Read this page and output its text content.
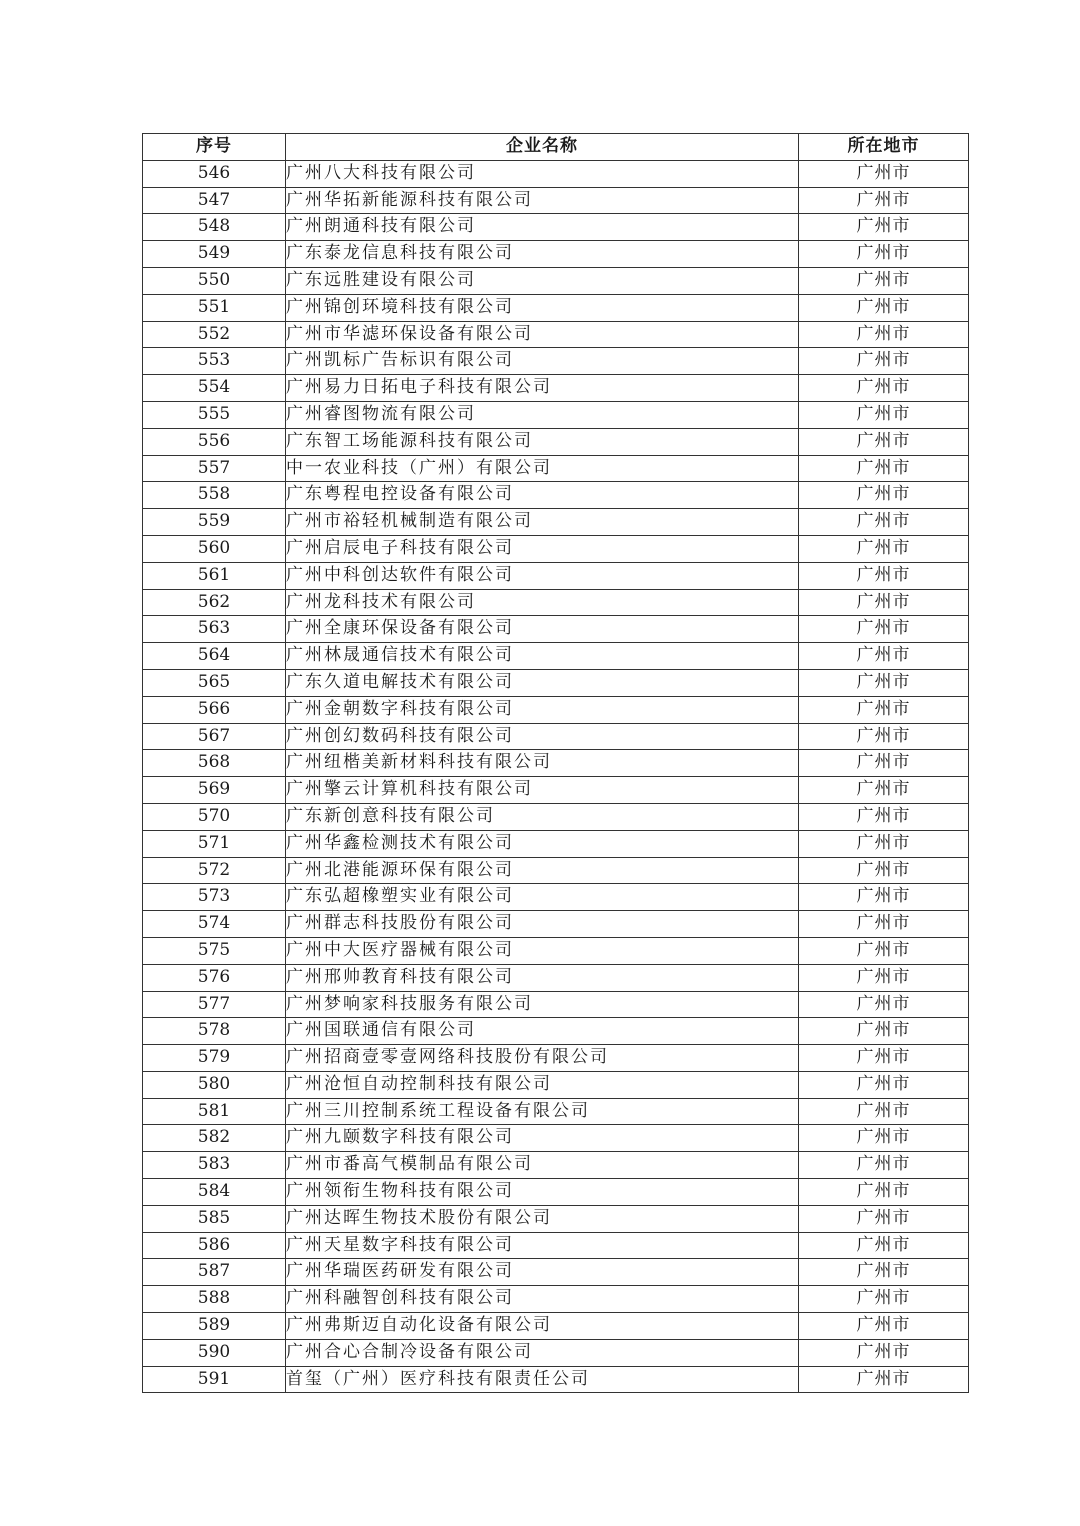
序号	企业名称	所在地市
546	广州八大科技有限公司	广州市
547	广州华拓新能源科技有限公司	广州市
548	广州朗通科技有限公司	广州市
549	广东泰龙信息科技有限公司	广州市
550	广东远胜建设有限公司	广州市
551	广州锦创环境科技有限公司	广州市
552	广州市华滤环保设备有限公司	广州市
553	广州凯标广告标识有限公司	广州市
554	广州易力日拓电子科技有限公司	广州市
555	广州睿图物流有限公司	广州市
556	广东智工场能源科技有限公司	广州市
557	中一农业科技（广州）有限公司	广州市
558	广东粤程电控设备有限公司	广州市
559	广州市裕轻机械制造有限公司	广州市
560	广州启辰电子科技有限公司	广州市
561	广州中科创达软件有限公司	广州市
562	广州龙科技术有限公司	广州市
563	广州全康环保设备有限公司	广州市
564	广州林晟通信技术有限公司	广州市
565	广东久道电解技术有限公司	广州市
566	广州金朝数字科技有限公司	广州市
567	广州创幻数码科技有限公司	广州市
568	广州纽楷美新材料科技有限公司	广州市
569	广州擎云计算机科技有限公司	广州市
570	广东新创意科技有限公司	广州市
571	广州华鑫检测技术有限公司	广州市
572	广州北港能源环保有限公司	广州市
573	广东弘超橡塑实业有限公司	广州市
574	广州群志科技股份有限公司	广州市
575	广州中大医疗器械有限公司	广州市
576	广州邢帅教育科技有限公司	广州市
577	广州梦响家科技服务有限公司	广州市
578	广州国联通信有限公司	广州市
579	广州招商壹零壹网络科技股份有限公司	广州市
580	广州沧恒自动控制科技有限公司	广州市
581	广州三川控制系统工程设备有限公司	广州市
582	广州九颐数字科技有限公司	广州市
583	广州市番高气模制品有限公司	广州市
584	广州领衔生物科技有限公司	广州市
585	广州达晖生物技术股份有限公司	广州市
586	广州天星数字科技有限公司	广州市
587	广州华瑞医药研发有限公司	广州市
588	广州科融智创科技有限公司	广州市
589	广州弗斯迈自动化设备有限公司	广州市
590	广州合心合制冷设备有限公司	广州市
591	首玺（广州）医疗科技有限责任公司	广州市
